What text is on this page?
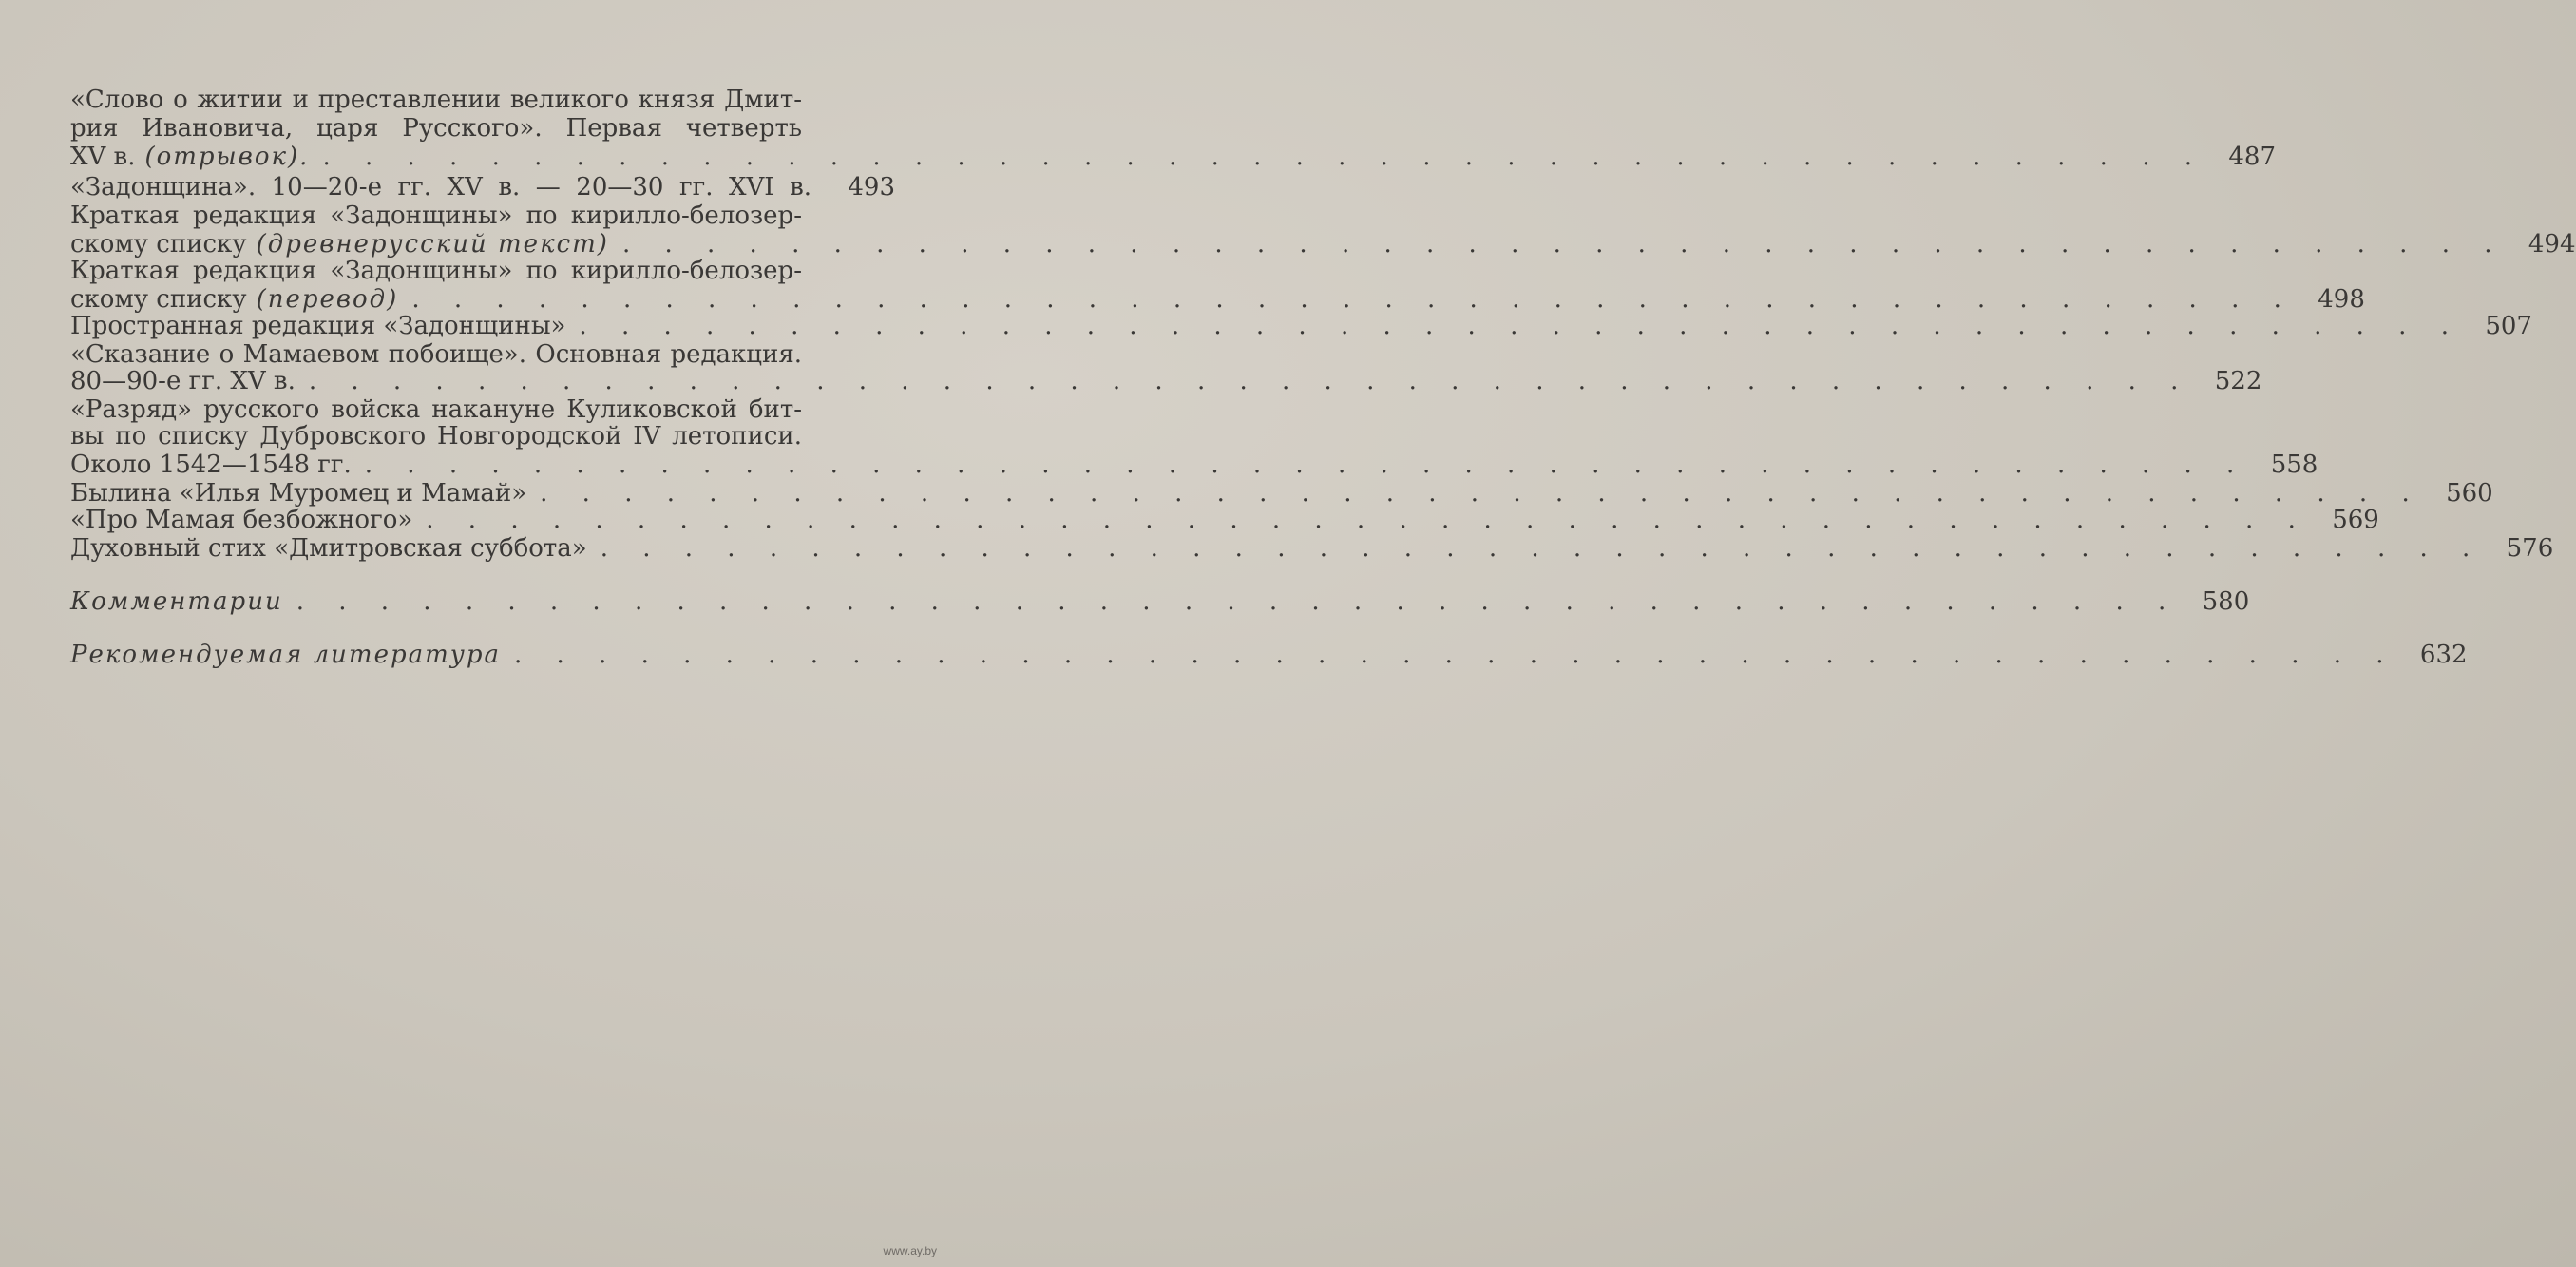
«Слово о житии и преставлении великого князя Дмит-
рия Ивановича, царя Русского». Первая четверть
XV в. (отрывок). . . . . . . . . . . . . . . . . . . . . . . . . . . . . . . . . . . . . . . . . . . . . . 487
«Задонщина». 10—20-е гг. XV в. — 20—30 гг. XVI в.	493
Краткая редакция «Задонщины» по кирилло-белозер-
скому списку (древнерусский текст) . . . . . . . . . . . . . . . . . . . . . . . . . . . . . . . . . . . . . . . . . . . . . 494
Краткая редакция «Задонщины» по кирилло-белозер-
скому списку (перевод) . . . . . . . . . . . . . . . . . . . . . . . . . . . . . . . . . . . . . . . . . . . . . 498
Пространная редакция «Задонщины» . . . . . . . . . . . . . . . . . . . . . . . . . . . . . . . . . . . . . . . . . . . . . 507
«Сказание о Мамаевом побоище». Основная редакция.
80—90-е гг. XV в. . . . . . . . . . . . . . . . . . . . . . . . . . . . . . . . . . . . . . . . . . . . . . 522
«Разряд» русского войска накануне Куликовской бит-
вы по списку Дубровского Новгородской IV летописи.
Около 1542—1548 гг. . . . . . . . . . . . . . . . . . . . . . . . . . . . . . . . . . . . . . . . . . . . . . 558
Былина «Илья Муромец и Мамай» . . . . . . . . . . . . . . . . . . . . . . . . . . . . . . . . . . . . . . . . . . . . . 560
«Про Мамая безбожного» . . . . . . . . . . . . . . . . . . . . . . . . . . . . . . . . . . . . . . . . . . . . . 569
Духовный стих «Дмитровская суббота» . . . . . . . . . . . . . . . . . . . . . . . . . . . . . . . . . . . . . . . . . . . . . 576
Комментарии . . . . . . . . . . . . . . . . . . . . . . . . . . . . . . . . . . . . . . . . . . . . . 580
Рекомендуемая литература . . . . . . . . . . . . . . . . . . . . . . . . . . . . . . . . . . . . . . . . . . . . . 632
www.ay.by
